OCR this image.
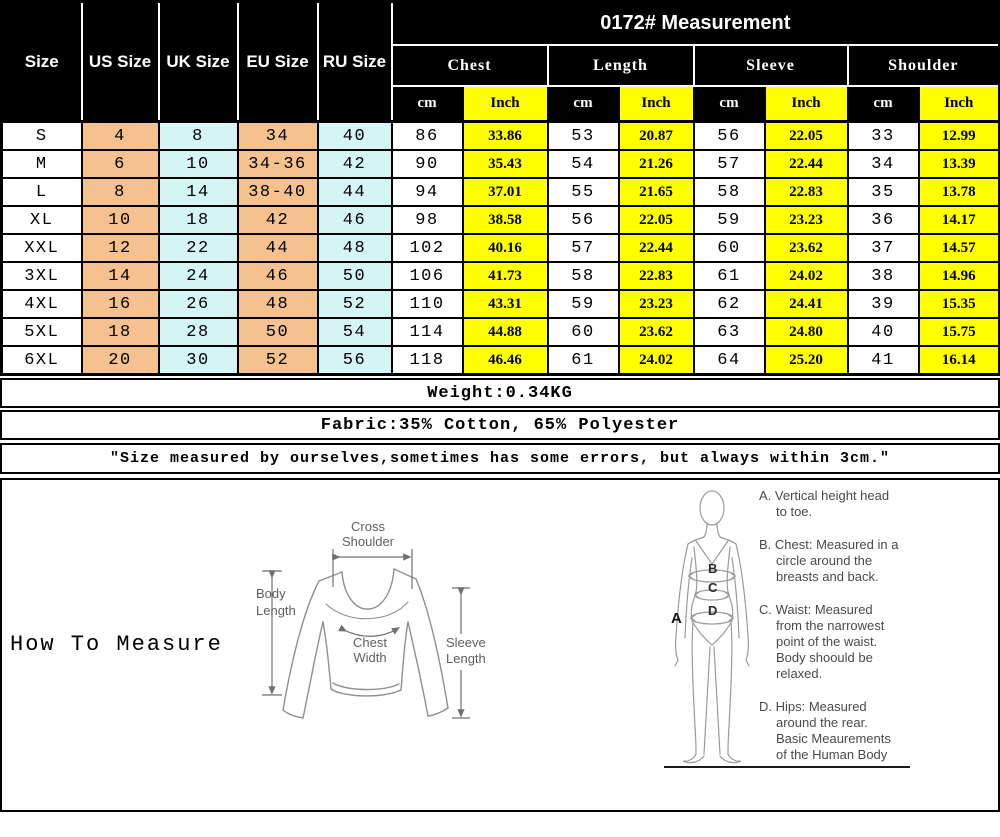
Size	US Size	UK Size	EU Size	RU Size	0172# Measurement							
					Chest		Length		Sleeve		Shoulder	
					cm	Inch	cm	Inch	cm	Inch	cm	Inch
S	4	8	34	40	86	33.86	53	20.87	56	22.05	33	12.99
M	6	10	34-36	42	90	35.43	54	21.26	57	22.44	34	13.39
L	8	14	38-40	44	94	37.01	55	21.65	58	22.83	35	13.78
XL	10	18	42	46	98	38.58	56	22.05	59	23.23	36	14.17
XXL	12	22	44	48	102	40.16	57	22.44	60	23.62	37	14.57
3XL	14	24	46	50	106	41.73	58	22.83	61	24.02	38	14.96
4XL	16	26	48	52	110	43.31	59	23.23	62	24.41	39	15.35
5XL	18	28	50	54	114	44.88	60	23.62	63	24.80	40	15.75
6XL	20	30	52	56	118	46.46	61	24.02	64	25.20	41	16.14
Weight:0.34KG
Fabric:35% Cotton, 65% Polyester
″Size measured by ourselves,sometimes has some errors, but always within 3cm.″
How To Measure
Cross
Shoulder
Body
Length
Chest
Width
Sleeve
Length
A
B
C
D
A. Vertical height head
to toe.
B. Chest: Measured in a
circle around the
breasts and back.
C. Waist: Measured
from the narrowest
point of the waist.
Body shoould be
relaxed.
D. Hips: Measured
around the rear.
Basic Meaurements
of the Human Body
